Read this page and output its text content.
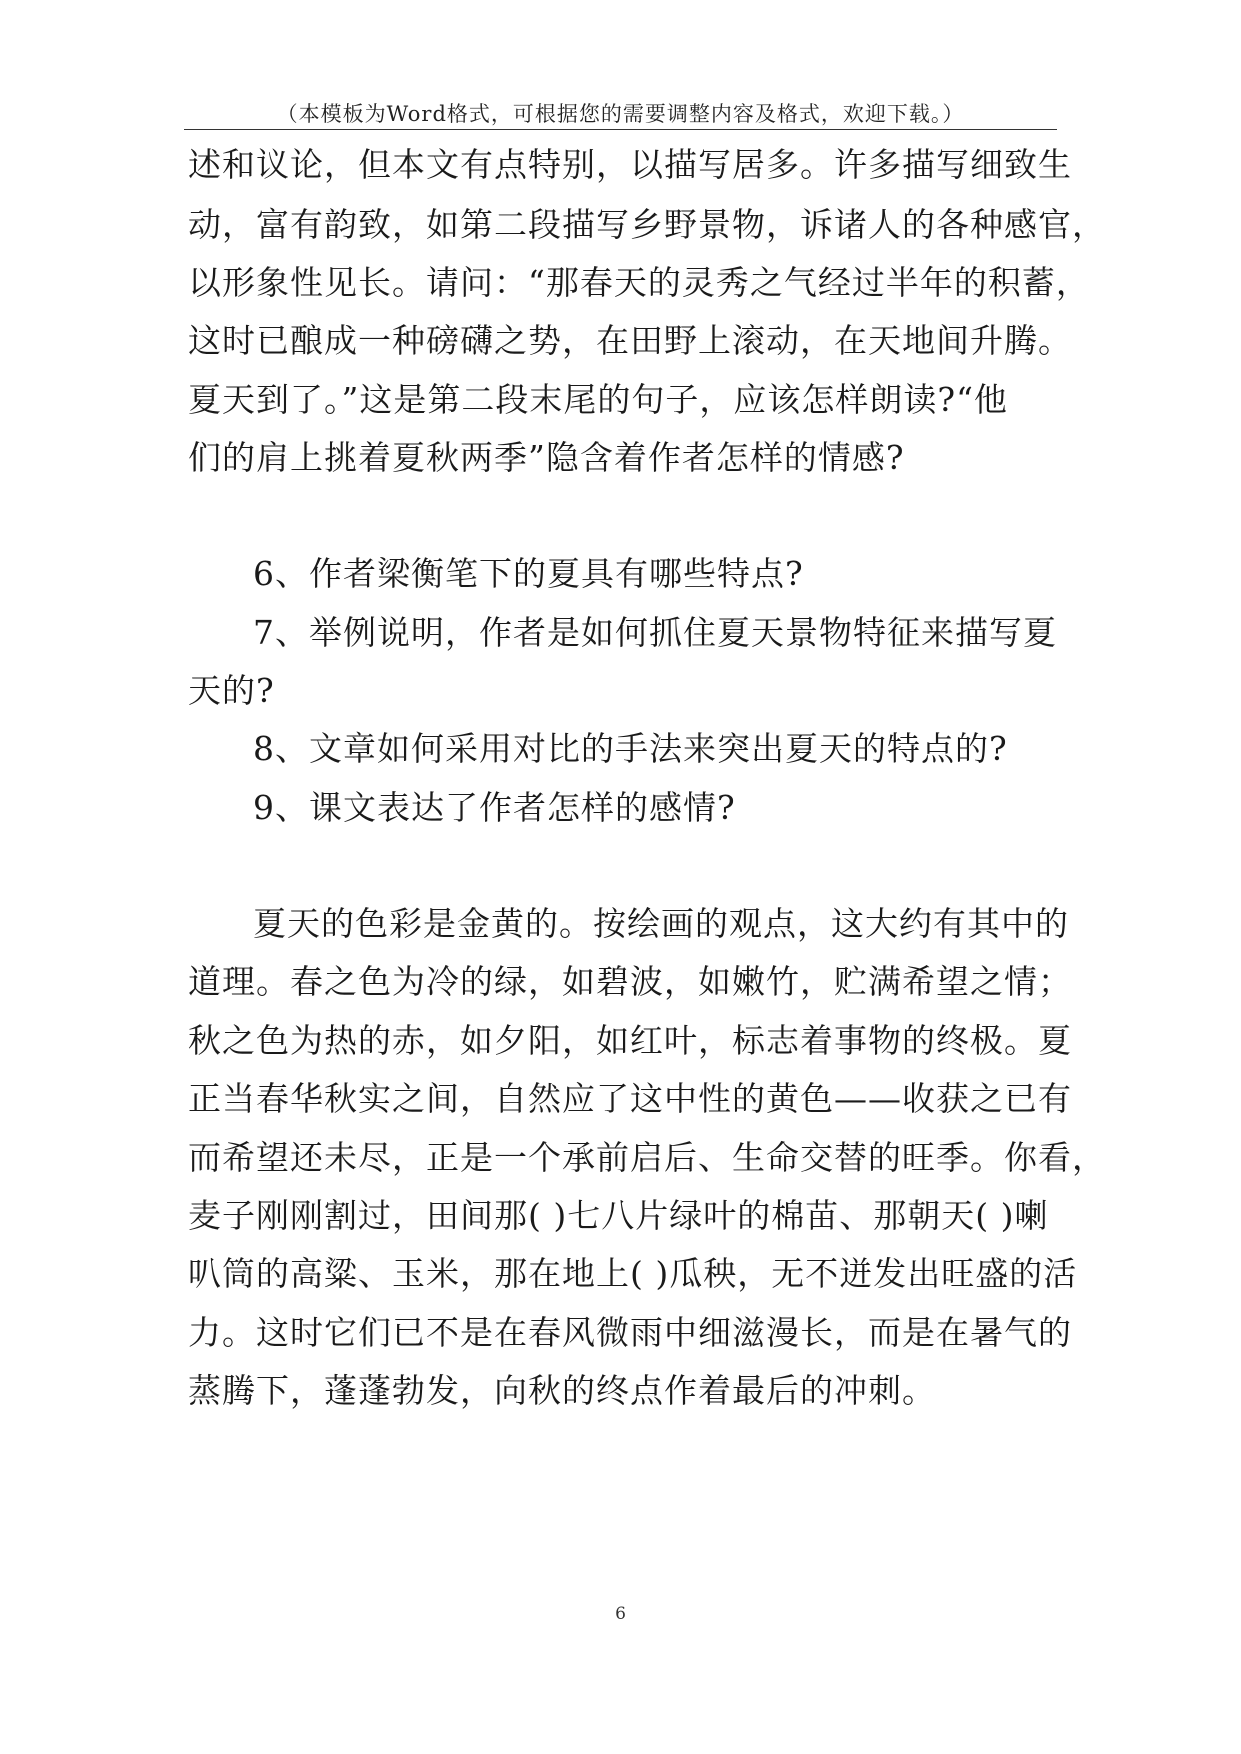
（本模板为Word格式，可根据您的需要调整内容及格式，欢迎下载。）
述和议论，但本文有点特别，以描写居多。许多描写细致生
动，富有韵致，如第二段描写乡野景物，诉诸人的各种感官，
以形象性见长。请问：“那春天的灵秀之气经过半年的积蓄，
这时已酿成一种磅礴之势，在田野上滚动，在天地间升腾。
夏天到了。”这是第二段末尾的句子，应该怎样朗读?“他
们的肩上挑着夏秋两季”隐含着作者怎样的情感?
6、作者梁衡笔下的夏具有哪些特点?
7、举例说明，作者是如何抓住夏天景物特征来描写夏
天的?
8、文章如何采用对比的手法来突出夏天的特点的?
9、课文表达了作者怎样的感情?
夏天的色彩是金黄的。按绘画的观点，这大约有其中的
道理。春之色为冷的绿，如碧波，如嫩竹，贮满希望之情；
秋之色为热的赤，如夕阳，如红叶，标志着事物的终极。夏
正当春华秋实之间，自然应了这中性的黄色——收获之已有
而希望还未尽，正是一个承前启后、生命交替的旺季。你看，
麦子刚刚割过，田间那( )七八片绿叶的棉苗、那朝天( )喇
叭筒的高粱、玉米，那在地上( )瓜秧，无不迸发出旺盛的活
力。这时它们已不是在春风微雨中细滋漫长，而是在暑气的
蒸腾下，蓬蓬勃发，向秋的终点作着最后的冲刺。
6
